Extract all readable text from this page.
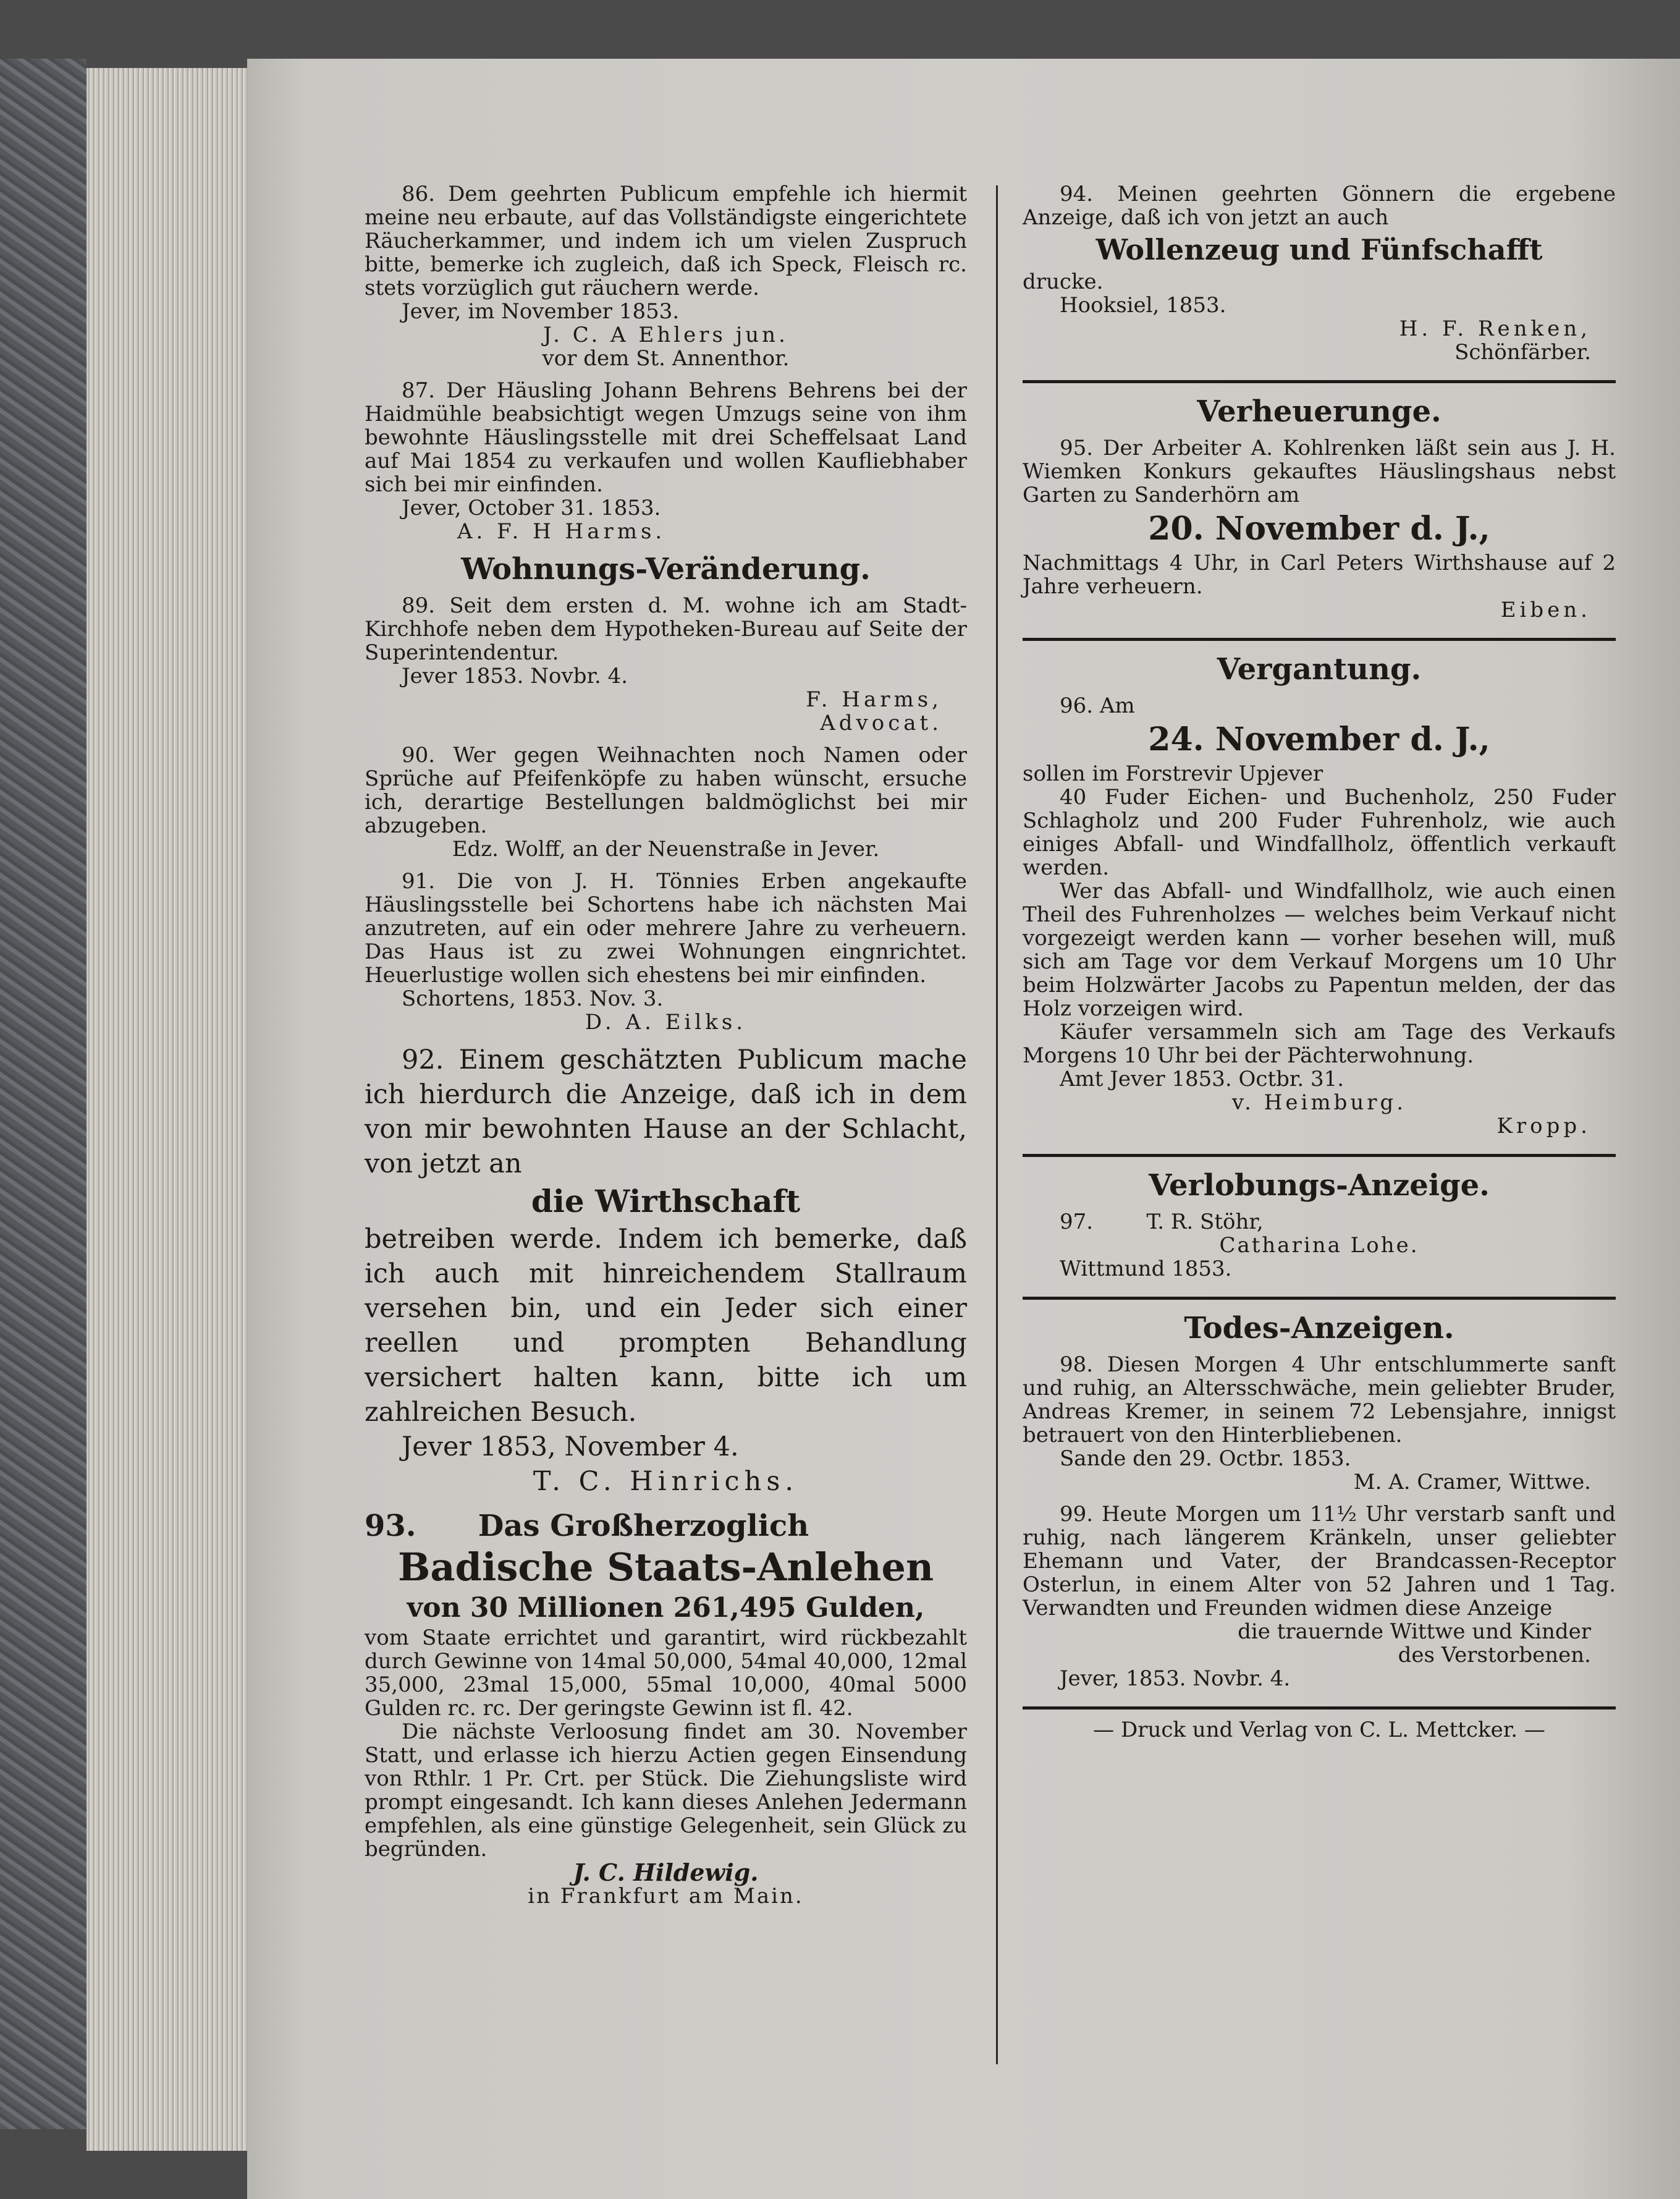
86. Dem geehrten Publicum empfehle ich hiermit meine neu erbaute, auf das Vollständigste eingerichtete Räucherkammer, und indem ich um vielen Zuspruch bitte, bemerke ich zugleich, daß ich Speck, Fleisch rc. stets vorzüglich gut räuchern werde.

Jever, im November 1853.

J. C. A Ehlers jun.

vor dem St. Annenthor.

87. Der Häusling Johann Behrens Behrens bei der Haidmühle beabsichtigt wegen Umzugs seine von ihm bewohnte Häuslingsstelle mit drei Scheffelsaat Land auf Mai 1854 zu verkaufen und wollen Kaufliebhaber sich bei mir einfinden.

Jever, October 31. 1853.

A. F. H Harms.

Wohnungs-Veränderung.

89. Seit dem ersten d. M. wohne ich am Stadt-Kirchhofe neben dem Hypotheken-Bureau auf Seite der Superintendentur.

Jever 1853. Novbr. 4.

F. Harms,

Advocat.

90. Wer gegen Weihnachten noch Namen oder Sprüche auf Pfeifenköpfe zu haben wünscht, ersuche ich, derartige Bestellungen baldmöglichst bei mir abzugeben.

Edz. Wolff, an der Neuenstraße in Jever.

91. Die von J. H. Tönnies Erben angekaufte Häuslingsstelle bei Schortens habe ich nächsten Mai anzutreten, auf ein oder mehrere Jahre zu verheuern. Das Haus ist zu zwei Wohnungen eingnrichtet. Heuerlustige wollen sich ehestens bei mir einfinden.

Schortens, 1853. Nov. 3.

D. A. Eilks.

92. Einem geschätzten Publicum mache ich hierdurch die Anzeige, daß ich in dem von mir bewohnten Hause an der Schlacht, von jetzt an

die Wirthschaft

betreiben werde. Indem ich bemerke, daß ich auch mit hinreichendem Stallraum versehen bin, und ein Jeder sich einer reellen und prompten Behandlung versichert halten kann, bitte ich um zahlreichen Besuch.

Jever 1853, November 4.

T. C. Hinrichs.

93.      Das Großherzoglich

Badische Staats-Anlehen

von 30 Millionen 261,495 Gulden,

vom Staate errichtet und garantirt, wird rückbezahlt durch Gewinne von 14mal 50,000, 54mal 40,000, 12mal 35,000, 23mal 15,000, 55mal 10,000, 40mal 5000 Gulden rc. rc. Der geringste Gewinn ist fl. 42.

Die nächste Verloosung findet am 30. November Statt, und erlasse ich hierzu Actien gegen Einsendung von Rthlr. 1 Pr. Crt. per Stück. Die Ziehungsliste wird prompt eingesandt. Ich kann dieses Anlehen Jedermann empfehlen, als eine günstige Gelegenheit, sein Glück zu begründen.

J. C. Hildewig.

in Frankfurt am Main.

94. Meinen geehrten Gönnern die ergebene Anzeige, daß ich von jetzt an auch

Wollenzeug und Fünfschafft

drucke.

Hooksiel, 1853.

H. F. Renken,

Schönfärber.

Verheuerunge.

95. Der Arbeiter A. Kohlrenken läßt sein aus J. H. Wiemken Konkurs gekauftes Häuslingshaus nebst Garten zu Sanderhörn am

20. November d. J.,

Nachmittags 4 Uhr, in Carl Peters Wirthshause auf 2 Jahre verheuern.

Eiben.

Vergantung.

96. Am

24. November d. J.,

sollen im Forstrevir Upjever

40 Fuder Eichen- und Buchenholz, 250 Fuder Schlagholz und 200 Fuder Fuhrenholz, wie auch einiges Abfall- und Windfallholz, öffentlich verkauft werden.

Wer das Abfall- und Windfallholz, wie auch einen Theil des Fuhrenholzes — welches beim Verkauf nicht vorgezeigt werden kann — vorher besehen will, muß sich am Tage vor dem Verkauf Morgens um 10 Uhr beim Holzwärter Jacobs zu Papentun melden, der das Holz vorzeigen wird.

Käufer versammeln sich am Tage des Verkaufs Morgens 10 Uhr bei der Pächterwohnung.

Amt Jever 1853. Octbr. 31.

v. Heimburg.

Kropp.

Verlobungs-Anzeige.

97.        T. R. Stöhr,

Catharina Lohe.

Wittmund 1853.

Todes-Anzeigen.

98. Diesen Morgen 4 Uhr entschlummerte sanft und ruhig, an Altersschwäche, mein geliebter Bruder, Andreas Kremer, in seinem 72 Lebensjahre, innigst betrauert von den Hinterbliebenen.

Sande den 29. Octbr. 1853.

M. A. Cramer, Wittwe.

99. Heute Morgen um 11½ Uhr verstarb sanft und ruhig, nach längerem Kränkeln, unser geliebter Ehemann und Vater, der Brandcassen-Receptor Osterlun, in einem Alter von 52 Jahren und 1 Tag. Verwandten und Freunden widmen diese Anzeige

die trauernde Wittwe und Kinder

des Verstorbenen.

Jever, 1853. Novbr. 4.

— Druck und Verlag von C. L. Mettcker. —
